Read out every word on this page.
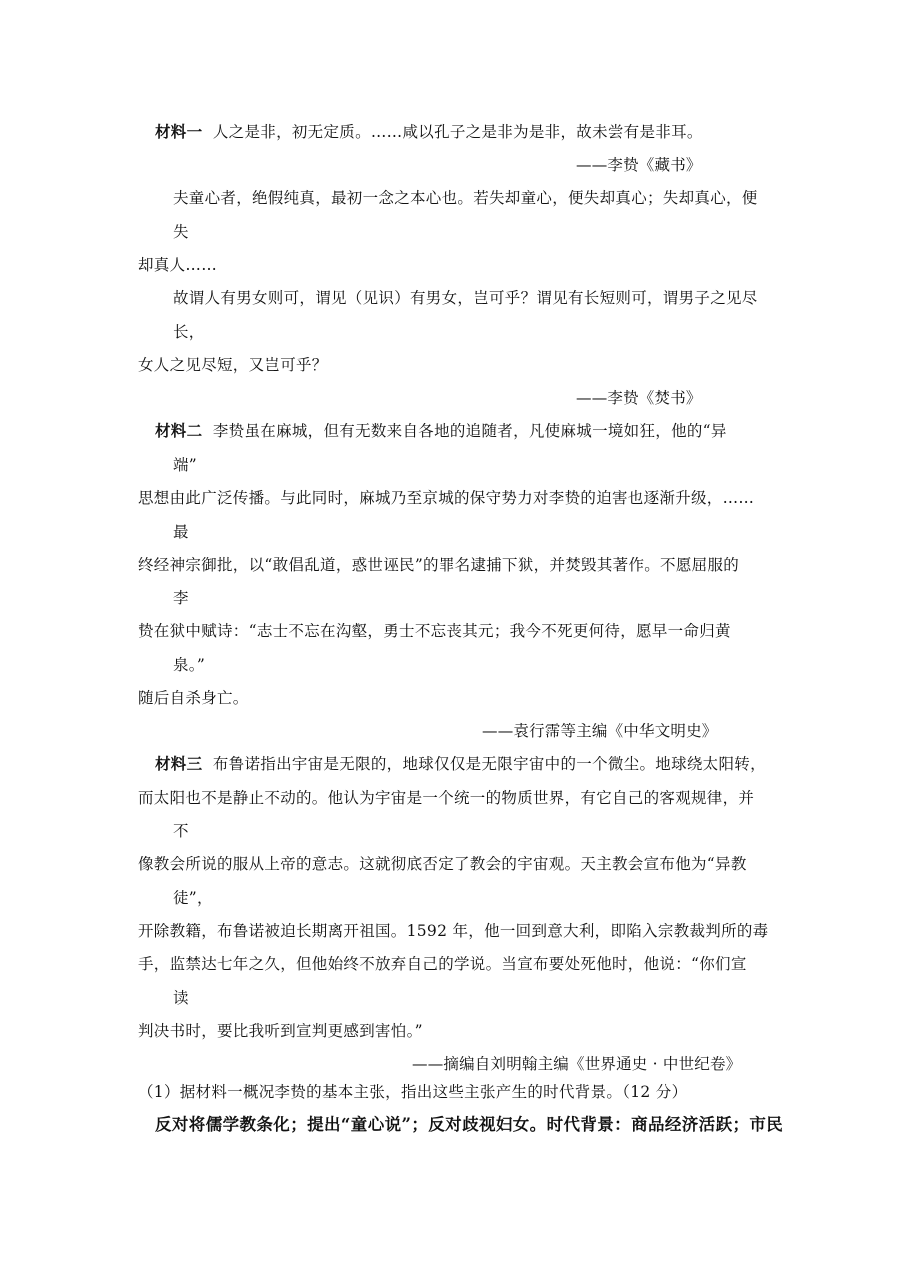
材料一 人之是非，初无定质。……咸以孔子之是非为是非，故未尝有是非耳。
——李贽《藏书》
夫童心者，绝假纯真，最初一念之本心也。若失却童心，便失却真心；失却真心，便
失
却真人……
故谓人有男女则可，谓见（见识）有男女，岂可乎？谓见有长短则可，谓男子之见尽
长，
女人之见尽短，又岂可乎？
——李贽《焚书》
材料二 李贽虽在麻城，但有无数来自各地的追随者，凡使麻城一境如狂，他的“异
端”
思想由此广泛传播。与此同时，麻城乃至京城的保守势力对李贽的迫害也逐渐升级，……
最
终经神宗御批，以“敢倡乱道，惑世诬民”的罪名逮捕下狱，并焚毁其著作。不愿屈服的
李
贽在狱中赋诗：“志士不忘在沟壑，勇士不忘丧其元；我今不死更何待，愿早一命归黄
泉。”
随后自杀身亡。
——袁行霈等主编《中华文明史》
材料三 布鲁诺指出宇宙是无限的，地球仅仅是无限宇宙中的一个微尘。地球绕太阳转，
而太阳也不是静止不动的。他认为宇宙是一个统一的物质世界，有它自己的客观规律，并
不
像教会所说的服从上帝的意志。这就彻底否定了教会的宇宙观。天主教会宣布他为“异教
徒”，
开除教籍，布鲁诺被迫长期离开祖国。1592 年，他一回到意大利，即陷入宗教裁判所的毒
手，监禁达七年之久，但他始终不放弃自己的学说。当宣布要处死他时，他说：“你们宣
读
判决书时，要比我听到宣判更感到害怕。”
——摘编自刘明翰主编《世界通史 · 中世纪卷》
（1）据材料一概况李贽的基本主张，指出这些主张产生的时代背景。（12 分）
反对将儒学教条化；提出“童心说”；反对歧视妇女。时代背景：商品经济活跃；市民
